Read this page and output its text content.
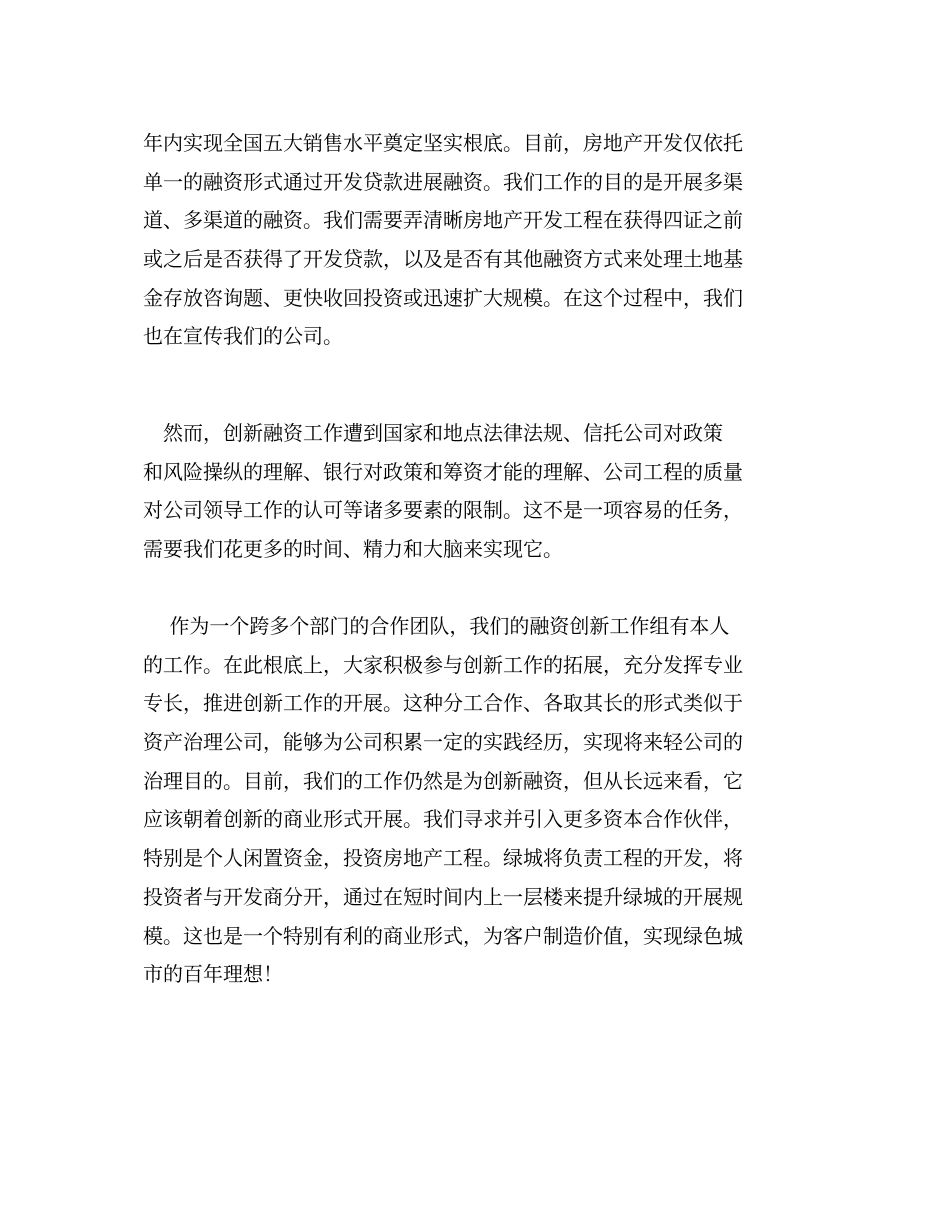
年内实现全国五大销售水平奠定坚实根底。目前，房地产开发仅依托
单一的融资形式通过开发贷款进展融资。我们工作的目的是开展多渠
道、多渠道的融资。我们需要弄清晰房地产开发工程在获得四证之前
或之后是否获得了开发贷款，以及是否有其他融资方式来处理土地基
金存放咨询题、更快收回投资或迅速扩大规模。在这个过程中，我们
也在宣传我们的公司。
　然而，创新融资工作遭到国家和地点法律法规、信托公司对政策
和风险操纵的理解、银行对政策和筹资才能的理解、公司工程的质量
对公司领导工作的认可等诸多要素的限制。这不是一项容易的任务，
需要我们花更多的时间、精力和大脑来实现它。
　 作为一个跨多个部门的合作团队，我们的融资创新工作组有本人
的工作。在此根底上，大家积极参与创新工作的拓展，充分发挥专业
专长，推进创新工作的开展。这种分工合作、各取其长的形式类似于
资产治理公司，能够为公司积累一定的实践经历，实现将来轻公司的
治理目的。目前，我们的工作仍然是为创新融资，但从长远来看，它
应该朝着创新的商业形式开展。我们寻求并引入更多资本合作伙伴，
特别是个人闲置资金，投资房地产工程。绿城将负责工程的开发，将
投资者与开发商分开，通过在短时间内上一层楼来提升绿城的开展规
模。这也是一个特别有利的商业形式，为客户制造价值，实现绿色城
市的百年理想！
